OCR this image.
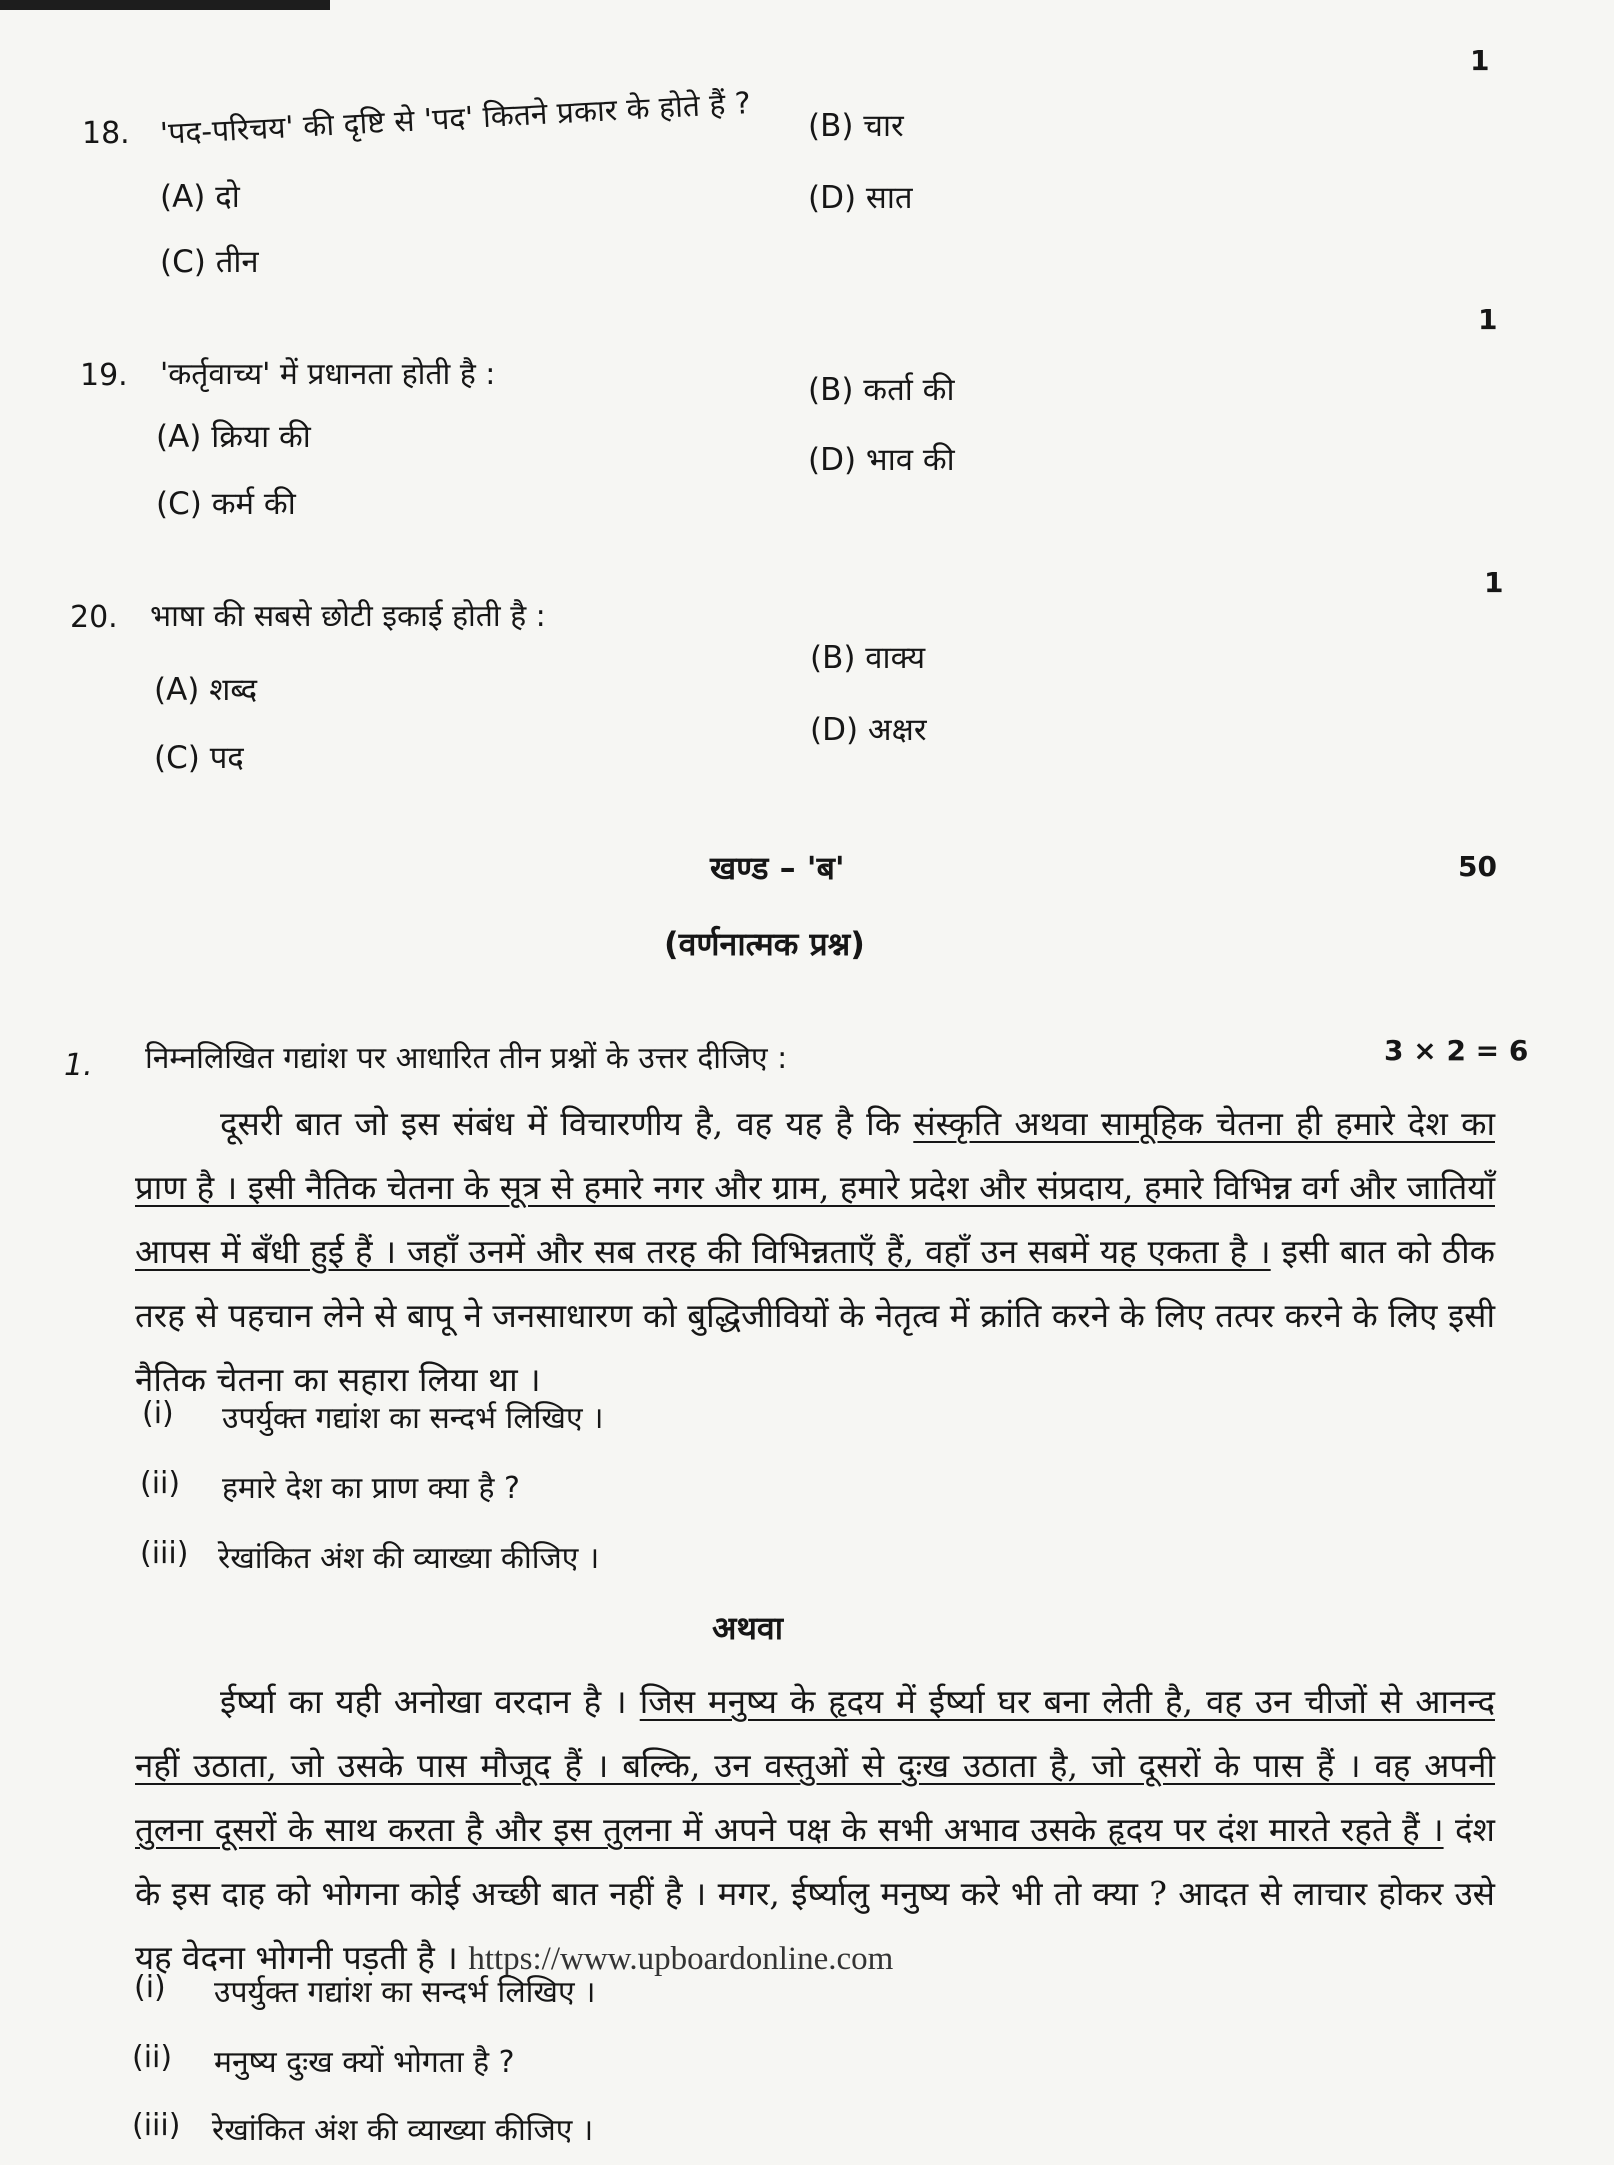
1
18. 'पद-परिचय' की दृष्टि से 'पद' कितने प्रकार के होते हैं ? (B) चार
(A) दो	(D) सात
(C) तीन
1
19. 'कर्तृवाच्य' में प्रधानता होती है :	(B) कर्ता की
(A) क्रिया की
(D) भाव की
(C) कर्म की
1
20. भाषा की सबसे छोटी इकाई होती है :
(B) वाक्य
(A) शब्द
(D) अक्षर
(C) पद
खण्ड – 'ब'	50
(वर्णनात्मक प्रश्न)
1. निम्नलिखित गद्यांश पर आधारित तीन प्रश्नों के उत्तर दीजिए :	3 × 2 = 6
दूसरी बात जो इस संबंध में विचारणीय है, वह यह है कि संस्कृति अथवा सामूहिक चेतना ही हमारे देश का प्राण है । इसी नैतिक चेतना के सूत्र से हमारे नगर और ग्राम, हमारे प्रदेश और संप्रदाय, हमारे विभिन्न वर्ग और जातियाँ आपस में बँधी हुई हैं । जहाँ उनमें और सब तरह की विभिन्नताएँ हैं, वहाँ उन सबमें यह एकता है । इसी बात को ठीक तरह से पहचान लेने से बापू ने जनसाधारण को बुद्धिजीवियों के नेतृत्व में क्रांति करने के लिए तत्पर करने के लिए इसी नैतिक चेतना का सहारा लिया था ।
(i) उपर्युक्त गद्यांश का सन्दर्भ लिखिए ।
(ii) हमारे देश का प्राण क्या है ?
(iii) रेखांकित अंश की व्याख्या कीजिए ।
अथवा
ईर्ष्या का यही अनोखा वरदान है । जिस मनुष्य के हृदय में ईर्ष्या घर बना लेती है, वह उन चीजों से आनन्द नहीं उठाता, जो उसके पास मौजूद हैं । बल्कि, उन वस्तुओं से दुःख उठाता है, जो दूसरों के पास हैं । वह अपनी तुलना दूसरों के साथ करता है और इस तुलना में अपने पक्ष के सभी अभाव उसके हृदय पर दंश मारते रहते हैं । दंश के इस दाह को भोगना कोई अच्छी बात नहीं है । मगर, ईर्ष्यालु मनुष्य करे भी तो क्या ? आदत से लाचार होकर उसे यह वेदना भोगनी पड़ती है । https://www.upboardonline.com
(i) उपर्युक्त गद्यांश का सन्दर्भ लिखिए ।
(ii) मनुष्य दुःख क्यों भोगता है ?
(iii) रेखांकित अंश की व्याख्या कीजिए ।
